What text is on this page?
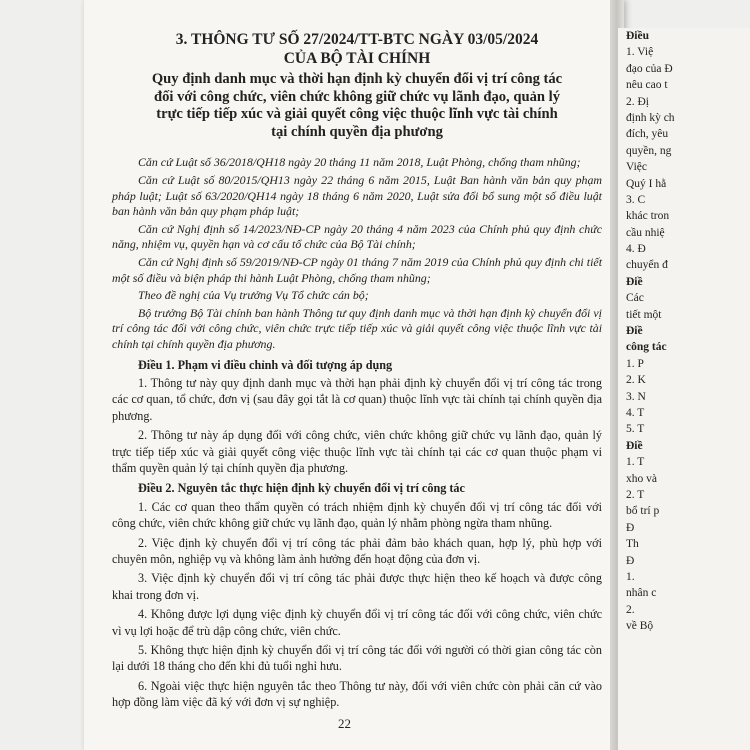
Điều
1. Việ
đạo của Đ
nêu cao t
2. Đị
định kỳ ch
đích, yêu
quyền, ng
Việc
Quý I hằ
3. C
khác tron
cầu nhiệ
4. Đ
chuyển đ
Điề
Các
tiết một
Điề
công tác
1. P
2. K
3. N
4. T
5. T
Điề
1. T
xho và
2. T
bổ trí p
Đ
Th
Đ
1.
nhân c
2.
về Bộ

3. THÔNG TƯ SỐ 27/2024/TT-BTC NGÀY 03/05/2024
CỦA BỘ TÀI CHÍNH

Quy định danh mục và thời hạn định kỳ chuyển đổi vị trí công tác
đối với công chức, viên chức không giữ chức vụ lãnh đạo, quản lý
trực tiếp tiếp xúc và giải quyết công việc thuộc lĩnh vực tài chính
tại chính quyền địa phương

Căn cứ Luật số 36/2018/QH18 ngày 20 tháng 11 năm 2018, Luật Phòng, chống tham nhũng;

Căn cứ Luật số 80/2015/QH13 ngày 22 tháng 6 năm 2015, Luật Ban hành văn bản quy phạm pháp luật; Luật số 63/2020/QH14 ngày 18 tháng 6 năm 2020, Luật sửa đổi bổ sung một số điều luật ban hành văn bản quy phạm pháp luật;

Căn cứ Nghị định số 14/2023/NĐ-CP ngày 20 tháng 4 năm 2023 của Chính phủ quy định chức năng, nhiệm vụ, quyền hạn và cơ cấu tổ chức của Bộ Tài chính;

Căn cứ Nghị định số 59/2019/NĐ-CP ngày 01 tháng 7 năm 2019 của Chính phủ quy định chi tiết một số điều và biện pháp thi hành Luật Phòng, chống tham nhũng;

Theo đề nghị của Vụ trưởng Vụ Tổ chức cán bộ;

Bộ trưởng Bộ Tài chính ban hành Thông tư quy định danh mục và thời hạn định kỳ chuyển đổi vị trí công tác đối với công chức, viên chức trực tiếp tiếp xúc và giải quyết công việc thuộc lĩnh vực tài chính tại chính quyền địa phương.

Điều 1. Phạm vi điều chỉnh và đối tượng áp dụng

1. Thông tư này quy định danh mục và thời hạn phải định kỳ chuyển đổi vị trí công tác trong các cơ quan, tổ chức, đơn vị (sau đây gọi tắt là cơ quan) thuộc lĩnh vực tài chính tại chính quyền địa phương.

2. Thông tư này áp dụng đối với công chức, viên chức không giữ chức vụ lãnh đạo, quản lý trực tiếp tiếp xúc và giải quyết công việc thuộc lĩnh vực tài chính tại các cơ quan thuộc phạm vi thẩm quyền quản lý tại chính quyền địa phương.

Điều 2. Nguyên tắc thực hiện định kỳ chuyển đổi vị trí công tác

1. Các cơ quan theo thẩm quyền có trách nhiệm định kỳ chuyển đổi vị trí công tác đối với công chức, viên chức không giữ chức vụ lãnh đạo, quản lý nhằm phòng ngừa tham nhũng.

2. Việc định kỳ chuyển đổi vị trí công tác phải đảm bảo khách quan, hợp lý, phù hợp với chuyên môn, nghiệp vụ và không làm ảnh hưởng đến hoạt động của đơn vị.

3. Việc định kỳ chuyển đổi vị trí công tác phải được thực hiện theo kế hoạch và được công khai trong đơn vị.

4. Không được lợi dụng việc định kỳ chuyển đổi vị trí công tác đối với công chức, viên chức vì vụ lợi hoặc để trù dập công chức, viên chức.

5. Không thực hiện định kỳ chuyển đổi vị trí công tác đối với người có thời gian công tác còn lại dưới 18 tháng cho đến khi đủ tuổi nghỉ hưu.

6. Ngoài việc thực hiện nguyên tắc theo Thông tư này, đối với viên chức còn phải căn cứ vào hợp đồng làm việc đã ký với đơn vị sự nghiệp.

22
